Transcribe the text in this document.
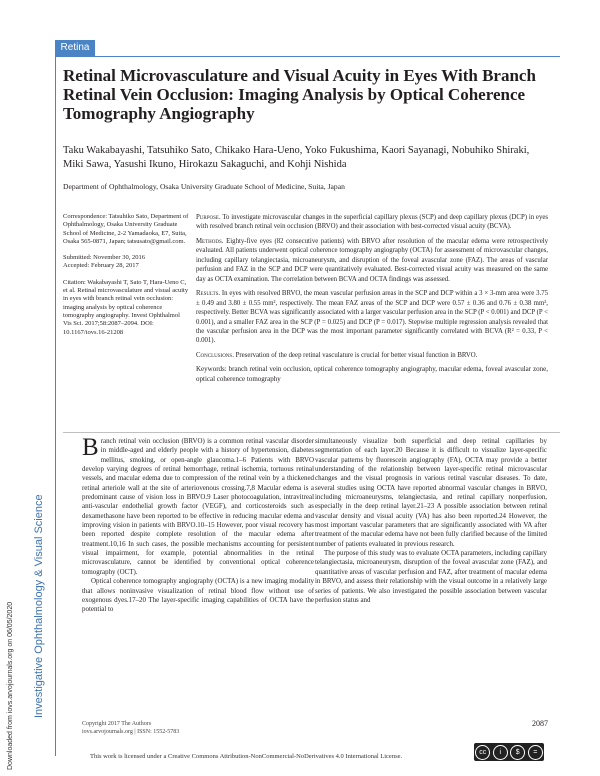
Retina
Investigative Ophthalmology & Visual Science
Downloaded from iovs.arvojournals.org on 06/05/2020
Retinal Microvasculature and Visual Acuity in Eyes With Branch Retinal Vein Occlusion: Imaging Analysis by Optical Coherence Tomography Angiography
Taku Wakabayashi, Tatsuhiko Sato, Chikako Hara-Ueno, Yoko Fukushima, Kaori Sayanagi, Nobuhiko Shiraki, Miki Sawa, Yasushi Ikuno, Hirokazu Sakaguchi, and Kohji Nishida
Department of Ophthalmology, Osaka University Graduate School of Medicine, Suita, Japan

Correspondence: Tatsuhiko Sato, Department of Ophthalmology, Osaka University Graduate School of Medicine, 2-2 Yamadaoka, E7, Suita, Osaka 565-0871, Japan; tatsusato@gmail.com.

Submitted: November 30, 2016

Accepted: February 28, 2017

Citation: Wakabayashi T, Sato T, Hara-Ueno C, et al. Retinal microvasculature and visual acuity in eyes with branch retinal vein occlusion: imaging analysis by optical coherence tomography angiography. Invest Ophthalmol Vis Sci. 2017;58:2087–2094. DOI: 10.1167/iovs.16-21208

Purpose. To investigate microvascular changes in the superficial capillary plexus (SCP) and deep capillary plexus (DCP) in eyes with resolved branch retinal vein occlusion (BRVO) and their association with best-corrected visual acuity (BCVA).

Methods. Eighty-five eyes (82 consecutive patients) with BRVO after resolution of the macular edema were retrospectively evaluated. All patients underwent optical coherence tomography angiography (OCTA) for assessment of microvascular changes, including capillary telangiectasia, microaneurysm, and disruption of the foveal avascular zone (FAZ). The areas of vascular perfusion and FAZ in the SCP and DCP were quantitatively evaluated. Best-corrected visual acuity was measured on the same day as OCTA examination. The correlation between BCVA and OCTA findings was assessed.

Results. In eyes with resolved BRVO, the mean vascular perfusion areas in the SCP and DCP within a 3 × 3-mm area were 3.75 ± 0.49 and 3.80 ± 0.55 mm², respectively. The mean FAZ areas of the SCP and DCP were 0.57 ± 0.36 and 0.76 ± 0.38 mm², respectively. Better BCVA was significantly associated with a larger vascular perfusion area in the SCP (P < 0.001) and DCP (P < 0.001), and a smaller FAZ area in the SCP (P = 0.025) and DCP (P = 0.017). Stepwise multiple regression analysis revealed that the vascular perfusion area in the DCP was the most important parameter significantly correlated with BCVA (R² = 0.33, P < 0.001).

Conclusions. Preservation of the deep retinal vasculature is crucial for better visual function in BRVO.

Keywords: branch retinal vein occlusion, optical coherence tomography angiography, macular edema, foveal avascular zone, optical coherence tomography

Branch retinal vein occlusion (BRVO) is a common retinal vascular disorder in middle-aged and elderly people with a history of hypertension, diabetes mellitus, smoking, or open-angle glaucoma.1–6 Patients with BRVO develop varying degrees of retinal hemorrhage, retinal ischemia, tortuous retinal vessels, and macular edema due to compression of the retinal vein by a thickened retinal arteriole wall at the site of arteriovenous crossing.7,8 Macular edema is a predominant cause of vision loss in BRVO.9 Laser photocoagulation, intravitreal anti-vascular endothelial growth factor (VEGF), and corticosteroids such as dexamethasone have been reported to be effective in reducing macular edema and improving vision in patients with BRVO.10–15 However, poor visual recovery has been reported despite complete resolution of the macular edema after treatment.10,16 In such cases, the possible mechanisms accounting for persistent visual impairment, for example, potential abnormalities in the retinal microvasculature, cannot be identified by conventional optical coherence tomography (OCT).

Optical coherence tomography angiography (OCTA) is a new imaging modality that allows noninvasive visualization of retinal blood flow without use of exogenous dyes.17–20 The layer-specific imaging capabilities of OCTA have the potential to

simultaneously visualize both superficial and deep retinal capillaries by segmentation of each layer.20 Because it is difficult to visualize layer-specific vascular patterns by fluorescein angiography (FA), OCTA may provide a better understanding of the relationship between layer-specific retinal microvascular changes and the visual prognosis in various retinal vascular diseases. To date, several studies using OCTA have reported abnormal vascular changes in BRVO, including microaneurysms, telangiectasia, and retinal capillary nonperfusion, especially in the deep retinal layer.21–23 A possible association between retinal vascular density and visual acuity (VA) has also been reported.24 However, the most important vascular parameters that are significantly associated with VA after treatment of the macular edema have not been fully clarified because of the limited number of patients evaluated in previous research.

The purpose of this study was to evaluate OCTA parameters, including capillary telangiectasia, microaneurysm, disruption of the foveal avascular zone (FAZ), and quantitative areas of vascular perfusion and FAZ, after treatment of macular edema in BRVO, and assess their relationship with the visual outcome in a relatively large series of patients. We also investigated the possible association between vascular perfusion status and

Copyright 2017 The Authors
iovs.arvojournals.org | ISSN: 1552-5783
2087
This work is licensed under a Creative Commons Attribution-NonCommercial-NoDerivatives 4.0 International License.
cc	i	$	=
